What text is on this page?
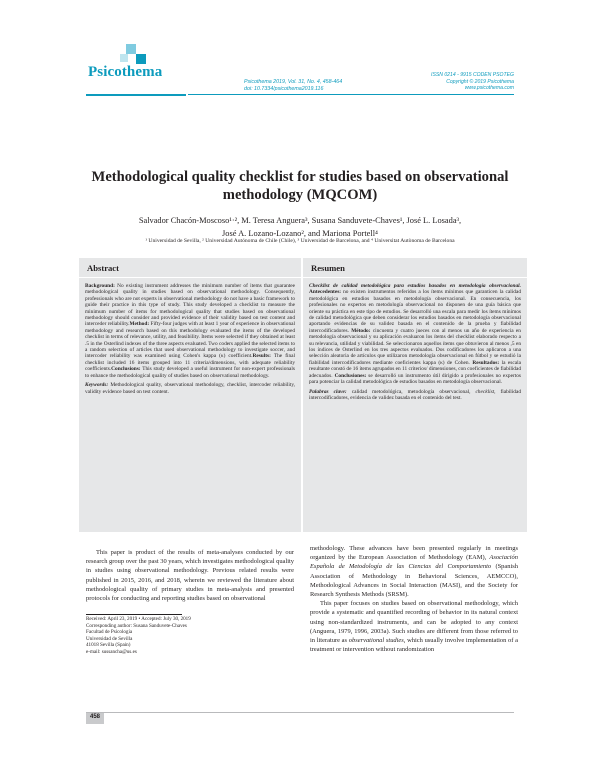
Psicothema
Psicothema 2019, Vol. 31, No. 4, 458-464
doi: 10.7334/psicothema2019.116
ISSN 0214 - 9915 CODEN PSOTEG
Copyright © 2019 Psicothema
www.psicothema.com
Methodological quality checklist for studies based on observational methodology (MQCOM)
Salvador Chacón-Moscoso¹·², M. Teresa Anguera³, Susana Sanduvete-Chaves¹, José L. Losada³,
José A. Lozano-Lozano², and Mariona Portell⁴
¹ Universidad de Sevilla, ² Universidad Autónoma de Chile (Chile), ³ Universidad de Barcelona, and ⁴ Universitat Autònoma de Barcelona
Abstract

Background: No existing instrument addresses the minimum number of items that guarantee methodological quality in studies based on observational methodology. Consequently, professionals who are not experts in observational methodology do not have a basic framework to guide their practice in this type of study. This study developed a checklist to measure the minimum number of items for methodological quality that studies based on observational methodology should consider and provided evidence of their validity based on test content and interceder reliability.Method: Fifty-four judges with at least 1 year of experience in observational methodology and research based on this methodology evaluated the items of the developed checklist in terms of relevance, utility, and feasibility. Items were selected if they obtained at least .5 in the Osterlind indexes of the three aspects evaluated. Two coders applied the selected items to a random selection of articles that used observational methodology to investigate soccer, and intercoder reliability was examined using Cohen's kappa (κ) coefficient.Results: The final checklist included 16 items grouped into 11 criteria/dimensions, with adequate reliability coefficients.Conclusions: This study developed a useful instrument for non-expert professionals to enhance the methodological quality of studies based on observational methodology.

Keywords: Methodological quality, observational methodology, checklist, intercoder reliability, validity evidence based on test content.

Resumen

Checklist de calidad metodológica para estudios basados en metodología observacional. Antecedentes: no existen instrumentos referidos a los ítems mínimos que garanticen la calidad metodológica en estudios basados en metodología observacional. En consecuencia, los profesionales no expertos en metodología observacional no disponen de una guía básica que oriente su práctica en este tipo de estudios. Se desarrolló una escala para medir los ítems mínimos de calidad metodológica que deben considerar los estudios basados en metodología observacional aportando evidencias de su validez basada en el contenido de la prueba y fiabilidad intercodificadores. Método: cincuenta y cuatro jueces con al menos un año de experiencia en metodología observacional y su aplicación evaluaron los ítems del checklist elaborado respecto a su relevancia, utilidad y viabilidad. Se seleccionaron aquellos ítems que obtuvieron al menos ,5 en los índices de Osterlind en los tres aspectos evaluados. Dos codificadores los aplicaron a una selección aleatoria de artículos que utilizaron metodología observacional en fútbol y se estudió la fiabilidad intercodificadores mediante coeficientes kappa (κ) de Cohen. Resultados: la escala resultante constó de 16 ítems agrupados en 11 criterios/ dimensiones, con coeficientes de fiabilidad adecuados. Conclusiones: se desarrolló un instrumento útil dirigido a profesionales no expertos para potenciar la calidad metodológica de estudios basados en metodología observacional.

Palabras clave: calidad metodológica, metodología observacional, checklist, fiabilidad intercodificadores, evidencia de validez basada en el contenido del test.

This paper is product of the results of meta-analyses conducted by our research group over the past 30 years, which investigates methodological quality in studies using observational methodology. Previous related results were published in 2015, 2016, and 2018, wherein we reviewed the literature about methodological quality of primary studies in meta-analysis and presented protocols for conducting and reporting studies based on observational

methodology. These advances have been presented regularly in meetings organized by the European Association of Methodology (EAM), Asociación Española de Metodología de las Ciencias del Comportamiento (Spanish Association of Methodology in Behavioral Sciences, AEMCCO), Methodological Advances in Social Interaction (MASI), and the Society for Research Synthesis Methods (SRSM).

This paper focuses on studies based on observational methodology, which provide a systematic and quantified recording of behavior in its natural context using non-standardized instruments, and can be adopted to any context (Anguera, 1979, 1996, 2003a). Such studies are different from those referred to in literature as observational studies, which usually involve implementation of a treatment or intervention without randomization

Received: April 23, 2019 • Accepted: July 30, 2019
Corresponding author: Susana Sanduvete-Chaves
Facultad de Psicología
Universidad de Sevilla
41018 Sevilla (Spain)
e-mail: sussancha@us.es
458
